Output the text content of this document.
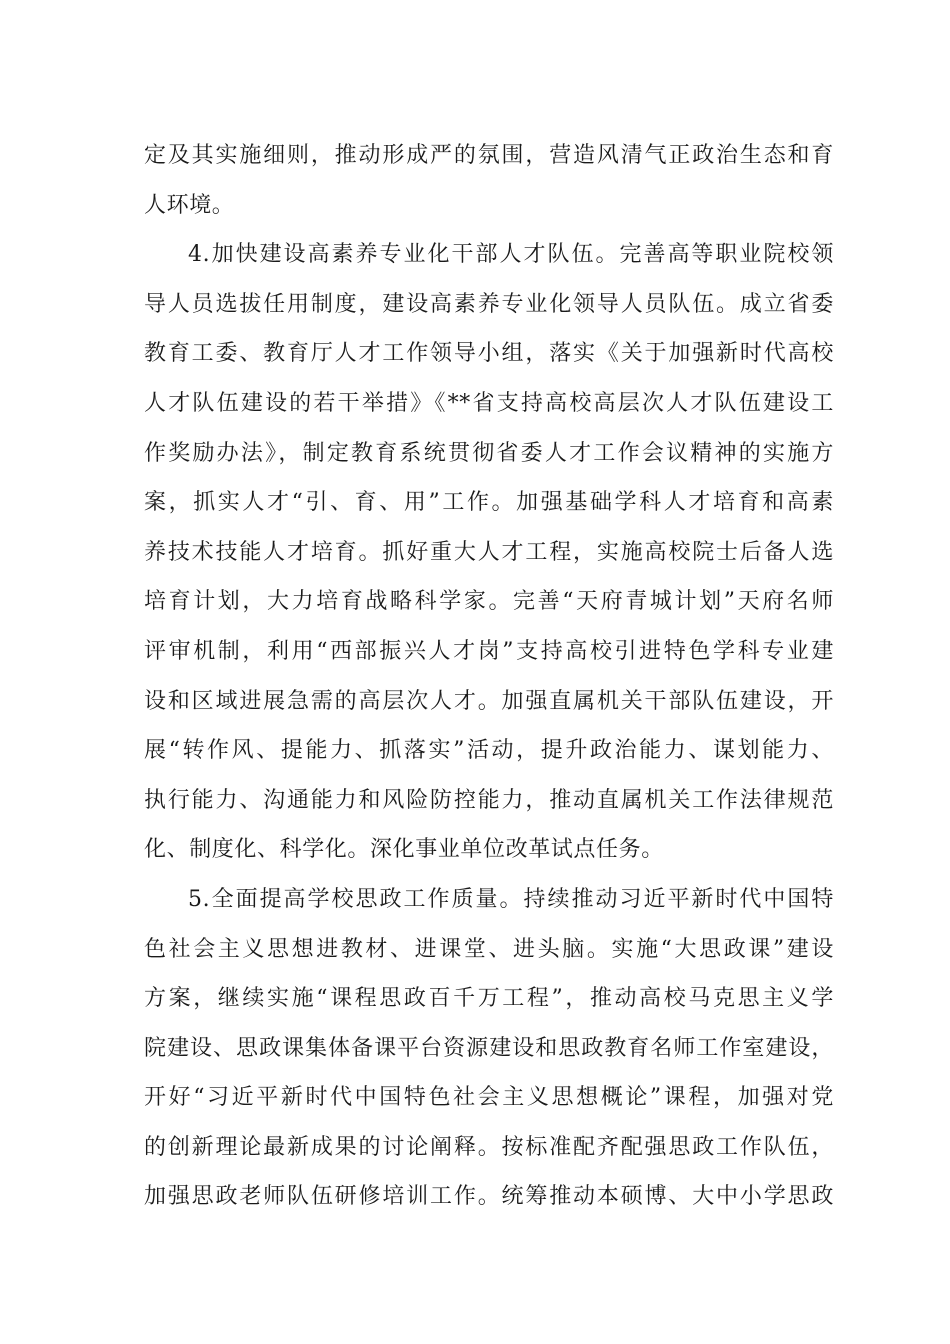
定及其实施细则，推动形成严的氛围，营造风清气正政治生态和育
人环境。
4.加快建设高素养专业化干部人才队伍。完善高等职业院校领
导人员选拔任用制度，建设高素养专业化领导人员队伍。成立省委
教育工委、教育厅人才工作领导小组，落实《关于加强新时代高校
人才队伍建设的若干举措》《**省支持高校高层次人才队伍建设工
作奖励办法》，制定教育系统贯彻省委人才工作会议精神的实施方
案，抓实人才“引、育、用”工作。加强基础学科人才培育和高素
养技术技能人才培育。抓好重大人才工程，实施高校院士后备人选
培育计划，大力培育战略科学家。完善“天府青城计划”天府名师
评审机制，利用“西部振兴人才岗”支持高校引进特色学科专业建
设和区域进展急需的高层次人才。加强直属机关干部队伍建设，开
展“转作风、提能力、抓落实”活动，提升政治能力、谋划能力、
执行能力、沟通能力和风险防控能力，推动直属机关工作法律规范
化、制度化、科学化。深化事业单位改革试点任务。
5.全面提高学校思政工作质量。持续推动习近平新时代中国特
色社会主义思想进教材、进课堂、进头脑。实施“大思政课”建设
方案，继续实施“课程思政百千万工程”，推动高校马克思主义学
院建设、思政课集体备课平台资源建设和思政教育名师工作室建设，
开好“习近平新时代中国特色社会主义思想概论”课程，加强对党
的创新理论最新成果的讨论阐释。按标准配齐配强思政工作队伍，
加强思政老师队伍研修培训工作。统筹推动本硕博、大中小学思政
